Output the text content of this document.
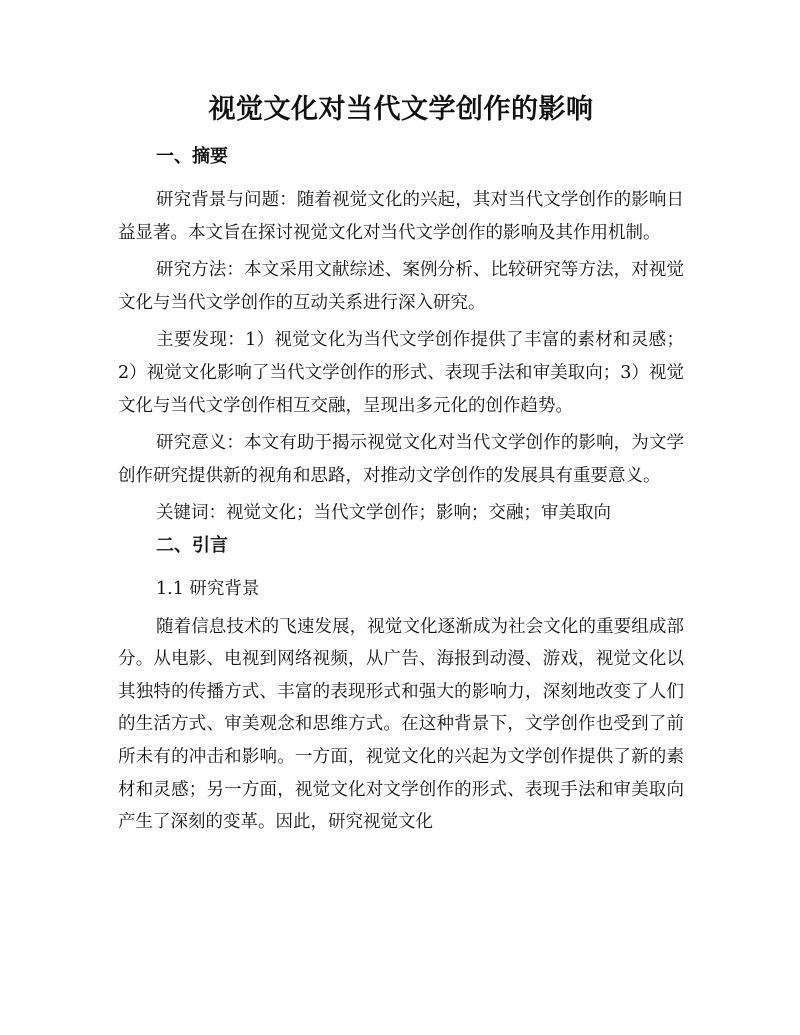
视觉文化对当代文学创作的影响
一、摘要

研究背景与问题：随着视觉文化的兴起，其对当代文学创作的影响日益显著。本文旨在探讨视觉文化对当代文学创作的影响及其作用机制。

研究方法：本文采用文献综述、案例分析、比较研究等方法，对视觉文化与当代文学创作的互动关系进行深入研究。

主要发现：1）视觉文化为当代文学创作提供了丰富的素材和灵感；2）视觉文化影响了当代文学创作的形式、表现手法和审美取向；3）视觉文化与当代文学创作相互交融，呈现出多元化的创作趋势。

研究意义：本文有助于揭示视觉文化对当代文学创作的影响，为文学创作研究提供新的视角和思路，对推动文学创作的发展具有重要意义。

关键词：视觉文化；当代文学创作；影响；交融；审美取向

二、引言

1.1 研究背景

随着信息技术的飞速发展，视觉文化逐渐成为社会文化的重要组成部分。从电影、电视到网络视频，从广告、海报到动漫、游戏，视觉文化以其独特的传播方式、丰富的表现形式和强大的影响力，深刻地改变了人们的生活方式、审美观念和思维方式。在这种背景下，文学创作也受到了前所未有的冲击和影响。一方面，视觉文化的兴起为文学创作提供了新的素材和灵感；另一方面，视觉文化对文学创作的形式、表现手法和审美取向产生了深刻的变革。因此，研究视觉文化
